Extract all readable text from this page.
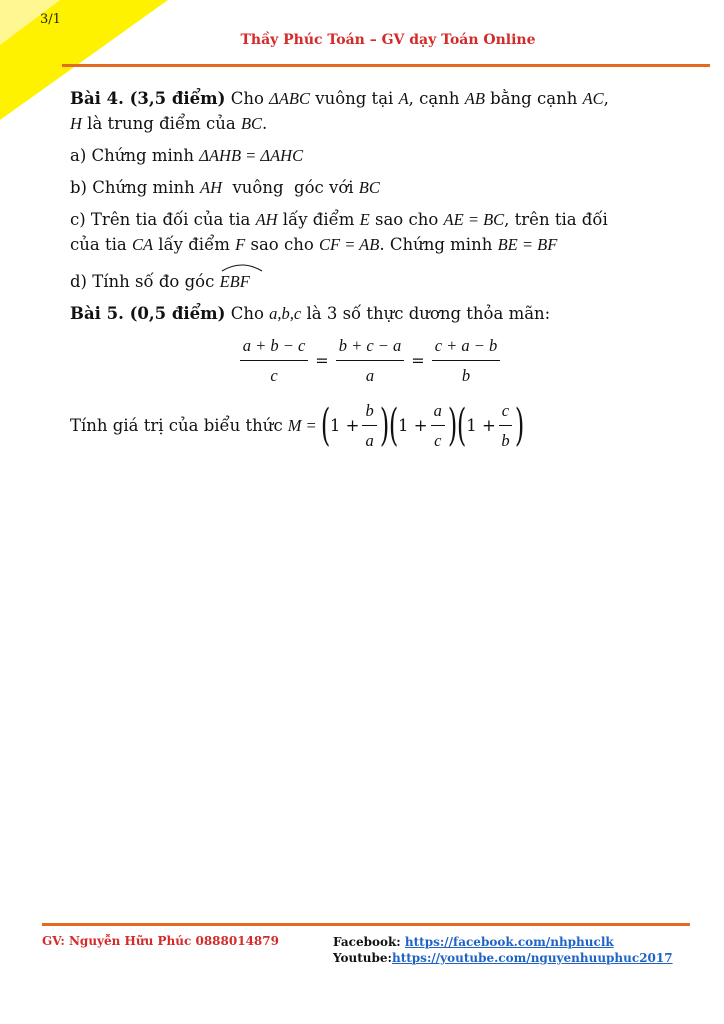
3/1
Thầy Phúc Toán – GV dạy Toán Online

Bài 4. (3,5 điểm) Cho ΔABC vuông tại A, cạnh AB bằng cạnh AC,
H là trung điểm của BC.

a) Chứng minh ΔAHB = ΔAHC

b) Chứng minh AH  vuông  góc với BC

c) Trên tia đối của tia AH lấy điểm E sao cho AE = BC, trên tia đối
của tia CA lấy điểm F sao cho CF = AB. Chứng minh BE = BF

d) Tính số đo góc
EBF

Bài 5. (0,5 điểm) Cho a,b,c là 3 số thực dương thỏa mãn:

$\frac{a + b - c}{c} = \frac{b + c - a}{a} = \frac{c + a - b}{b}$
Tính giá trị của biểu thức M = ( $1 + \frac{b}{a}$ ) ( $1 + \frac{a}{c}$ ) ( $1 + \frac{c}{b}$ )
GV: Nguyễn Hữu Phúc 0888014879	Facebook: https://facebook.com/nhphuclk
Youtube:https://youtube.com/nguyenhuuphuc2017
